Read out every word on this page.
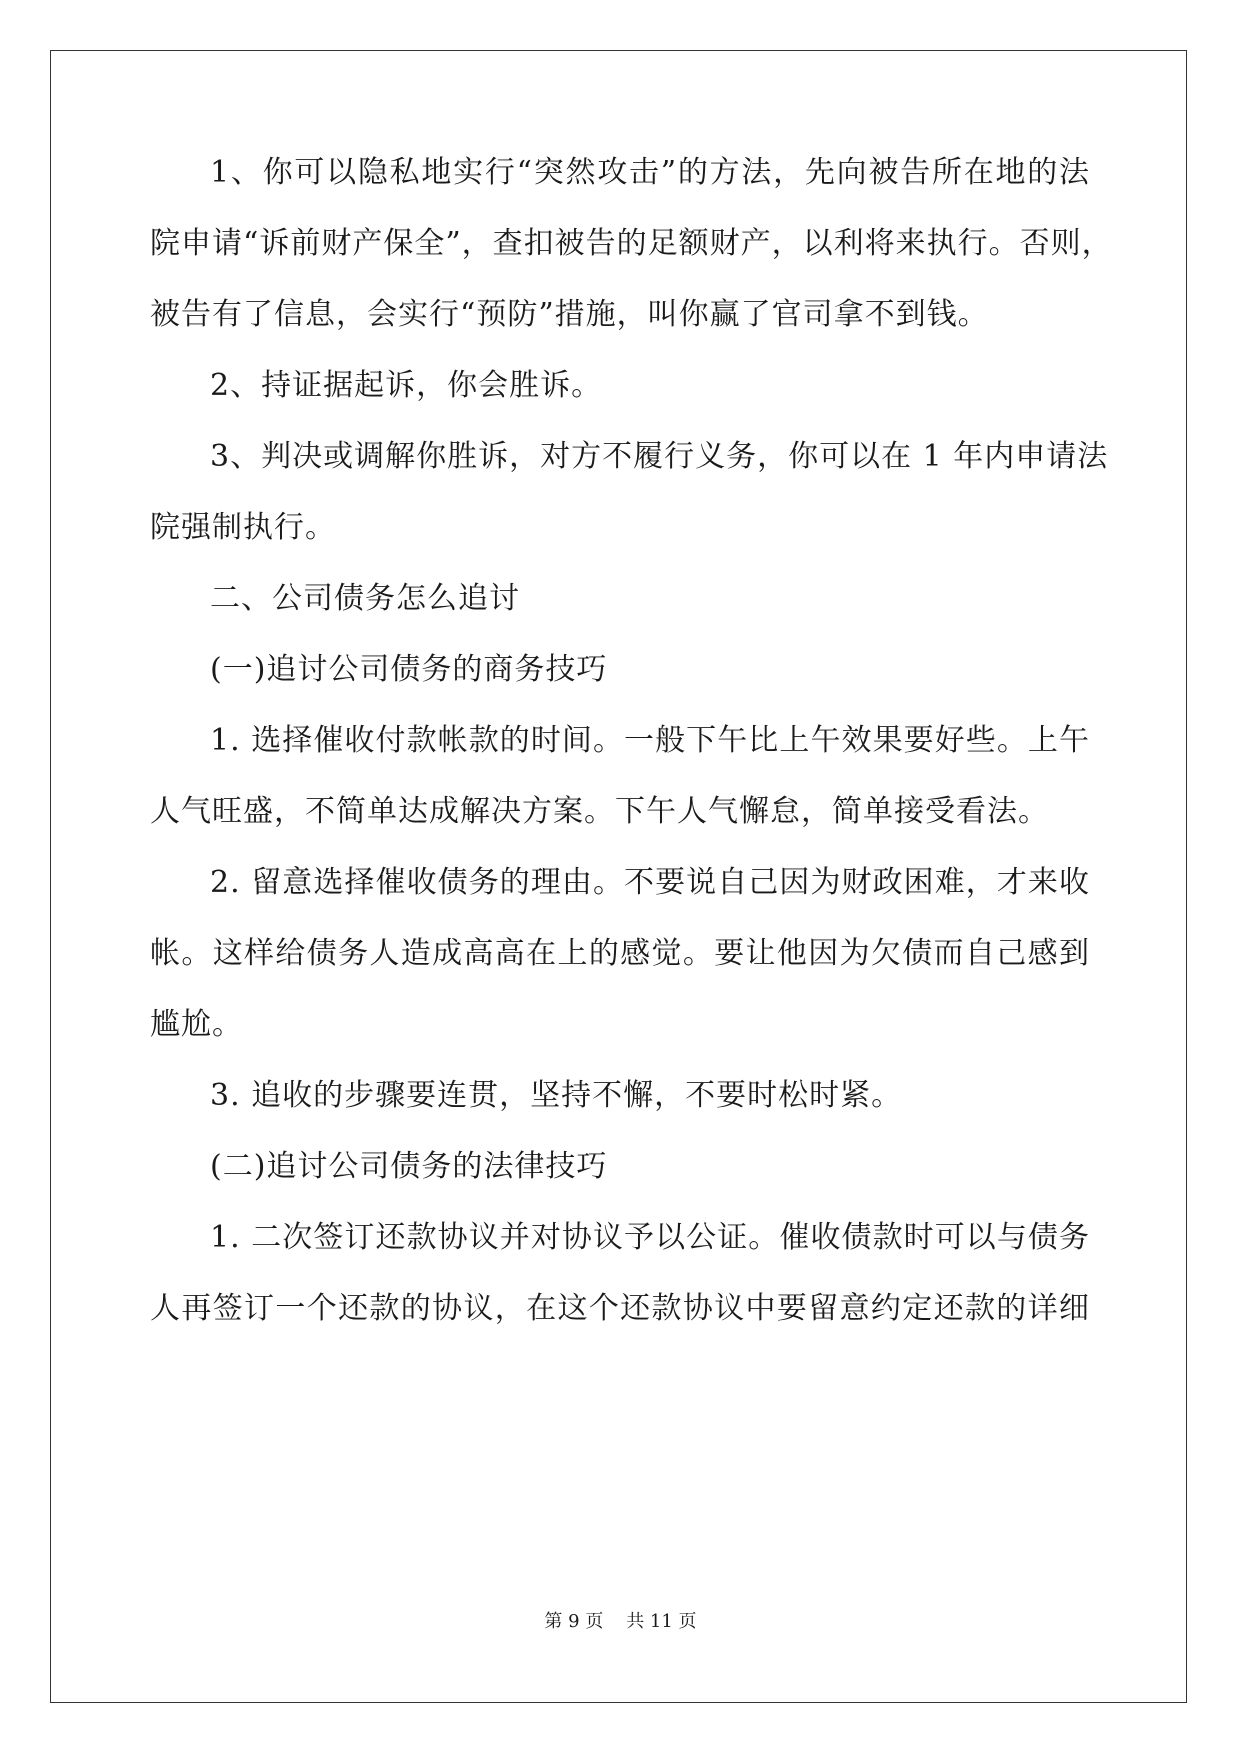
1、你可以隐私地实行“突然攻击”的方法，先向被告所在地的法
院申请“诉前财产保全”，查扣被告的足额财产，以利将来执行。否则，
被告有了信息，会实行“预防”措施，叫你赢了官司拿不到钱。
2、持证据起诉，你会胜诉。
3、判决或调解你胜诉，对方不履行义务，你可以在 1 年内申请法
院强制执行。
二、公司债务怎么追讨
(一)追讨公司债务的商务技巧
1. 选择催收付款帐款的时间。一般下午比上午效果要好些。上午
人气旺盛，不简单达成解决方案。下午人气懈怠，简单接受看法。
2. 留意选择催收债务的理由。不要说自己因为财政困难，才来收
帐。这样给债务人造成高高在上的感觉。要让他因为欠债而自己感到
尴尬。
3. 追收的步骤要连贯，坚持不懈，不要时松时紧。
(二)追讨公司债务的法律技巧
1. 二次签订还款协议并对协议予以公证。催收债款时可以与债务
人再签订一个还款的协议，在这个还款协议中要留意约定还款的详细
第 9 页    共 11 页
